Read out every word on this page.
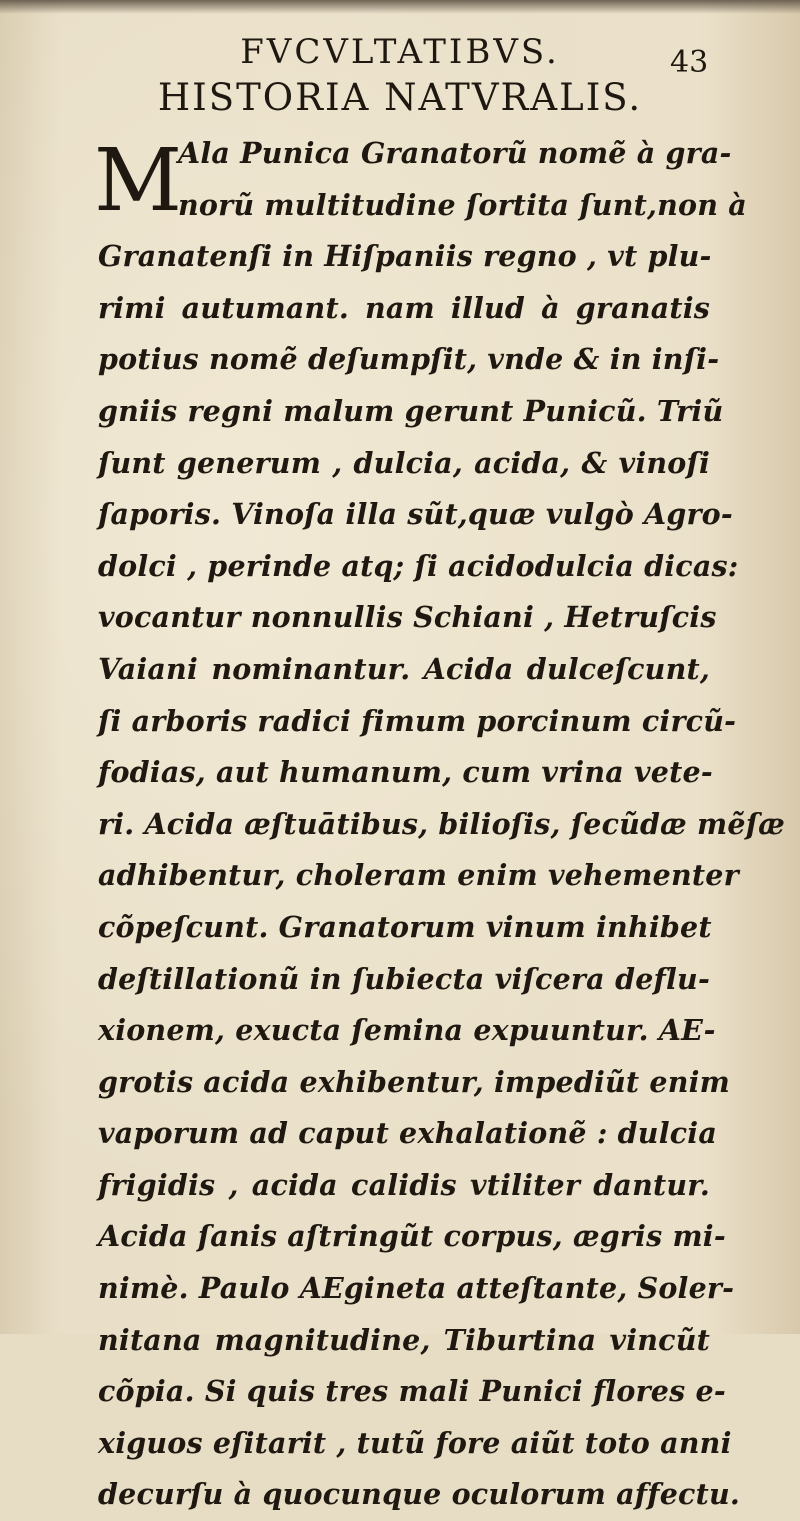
FVCVLTATIBVS.	43
HISTORIA NATVRALIS.
M
Ala Punica Granatorũ nomẽ à gra-
norũ multitudine ſortita ſunt,non à
Granatenſi in Hiſpaniis regno , vt plu-
rimi autumant. nam illud à granatis
potius nomẽ deſumpſit, vnde & in inſi-
gniis regni malum gerunt Punicũ. Triũ
ſunt generum , dulcia, acida, & vinoſi
ſaporis. Vinoſa illa sũt,quæ vulgò Agro-
dolci , perinde atq; ſi acidodulcia dicas:
vocantur nonnullis Schiani , Hetruſcis
Vaiani nominantur. Acida dulceſcunt,
ſi arboris radici fimum porcinum circũ-
fodias, aut humanum, cum vrina vete-
ri. Acida æſtuātibus, bilioſis, ſecũdæ mẽſæ
adhibentur, choleram enim vehementer
cõpeſcunt. Granatorum vinum inhibet
deſtillationũ in ſubiecta viſcera deflu-
xionem, exucta ſemina expuuntur. AE-
grotis acida exhibentur, impediũt enim
vaporum ad caput exhalationẽ : dulcia
frigidis , acida calidis vtiliter dantur.
Acida ſanis aſtringũt corpus, ægris mi-
nimè. Paulo AEgineta atteſtante, Soler-
nitana magnitudine, Tiburtina vincũt
cõpia. Si quis tres mali Punici flores e-
xiguos eſitarit , tutũ fore aiũt toto anni
decurſu à quocunque oculorum affectu.
